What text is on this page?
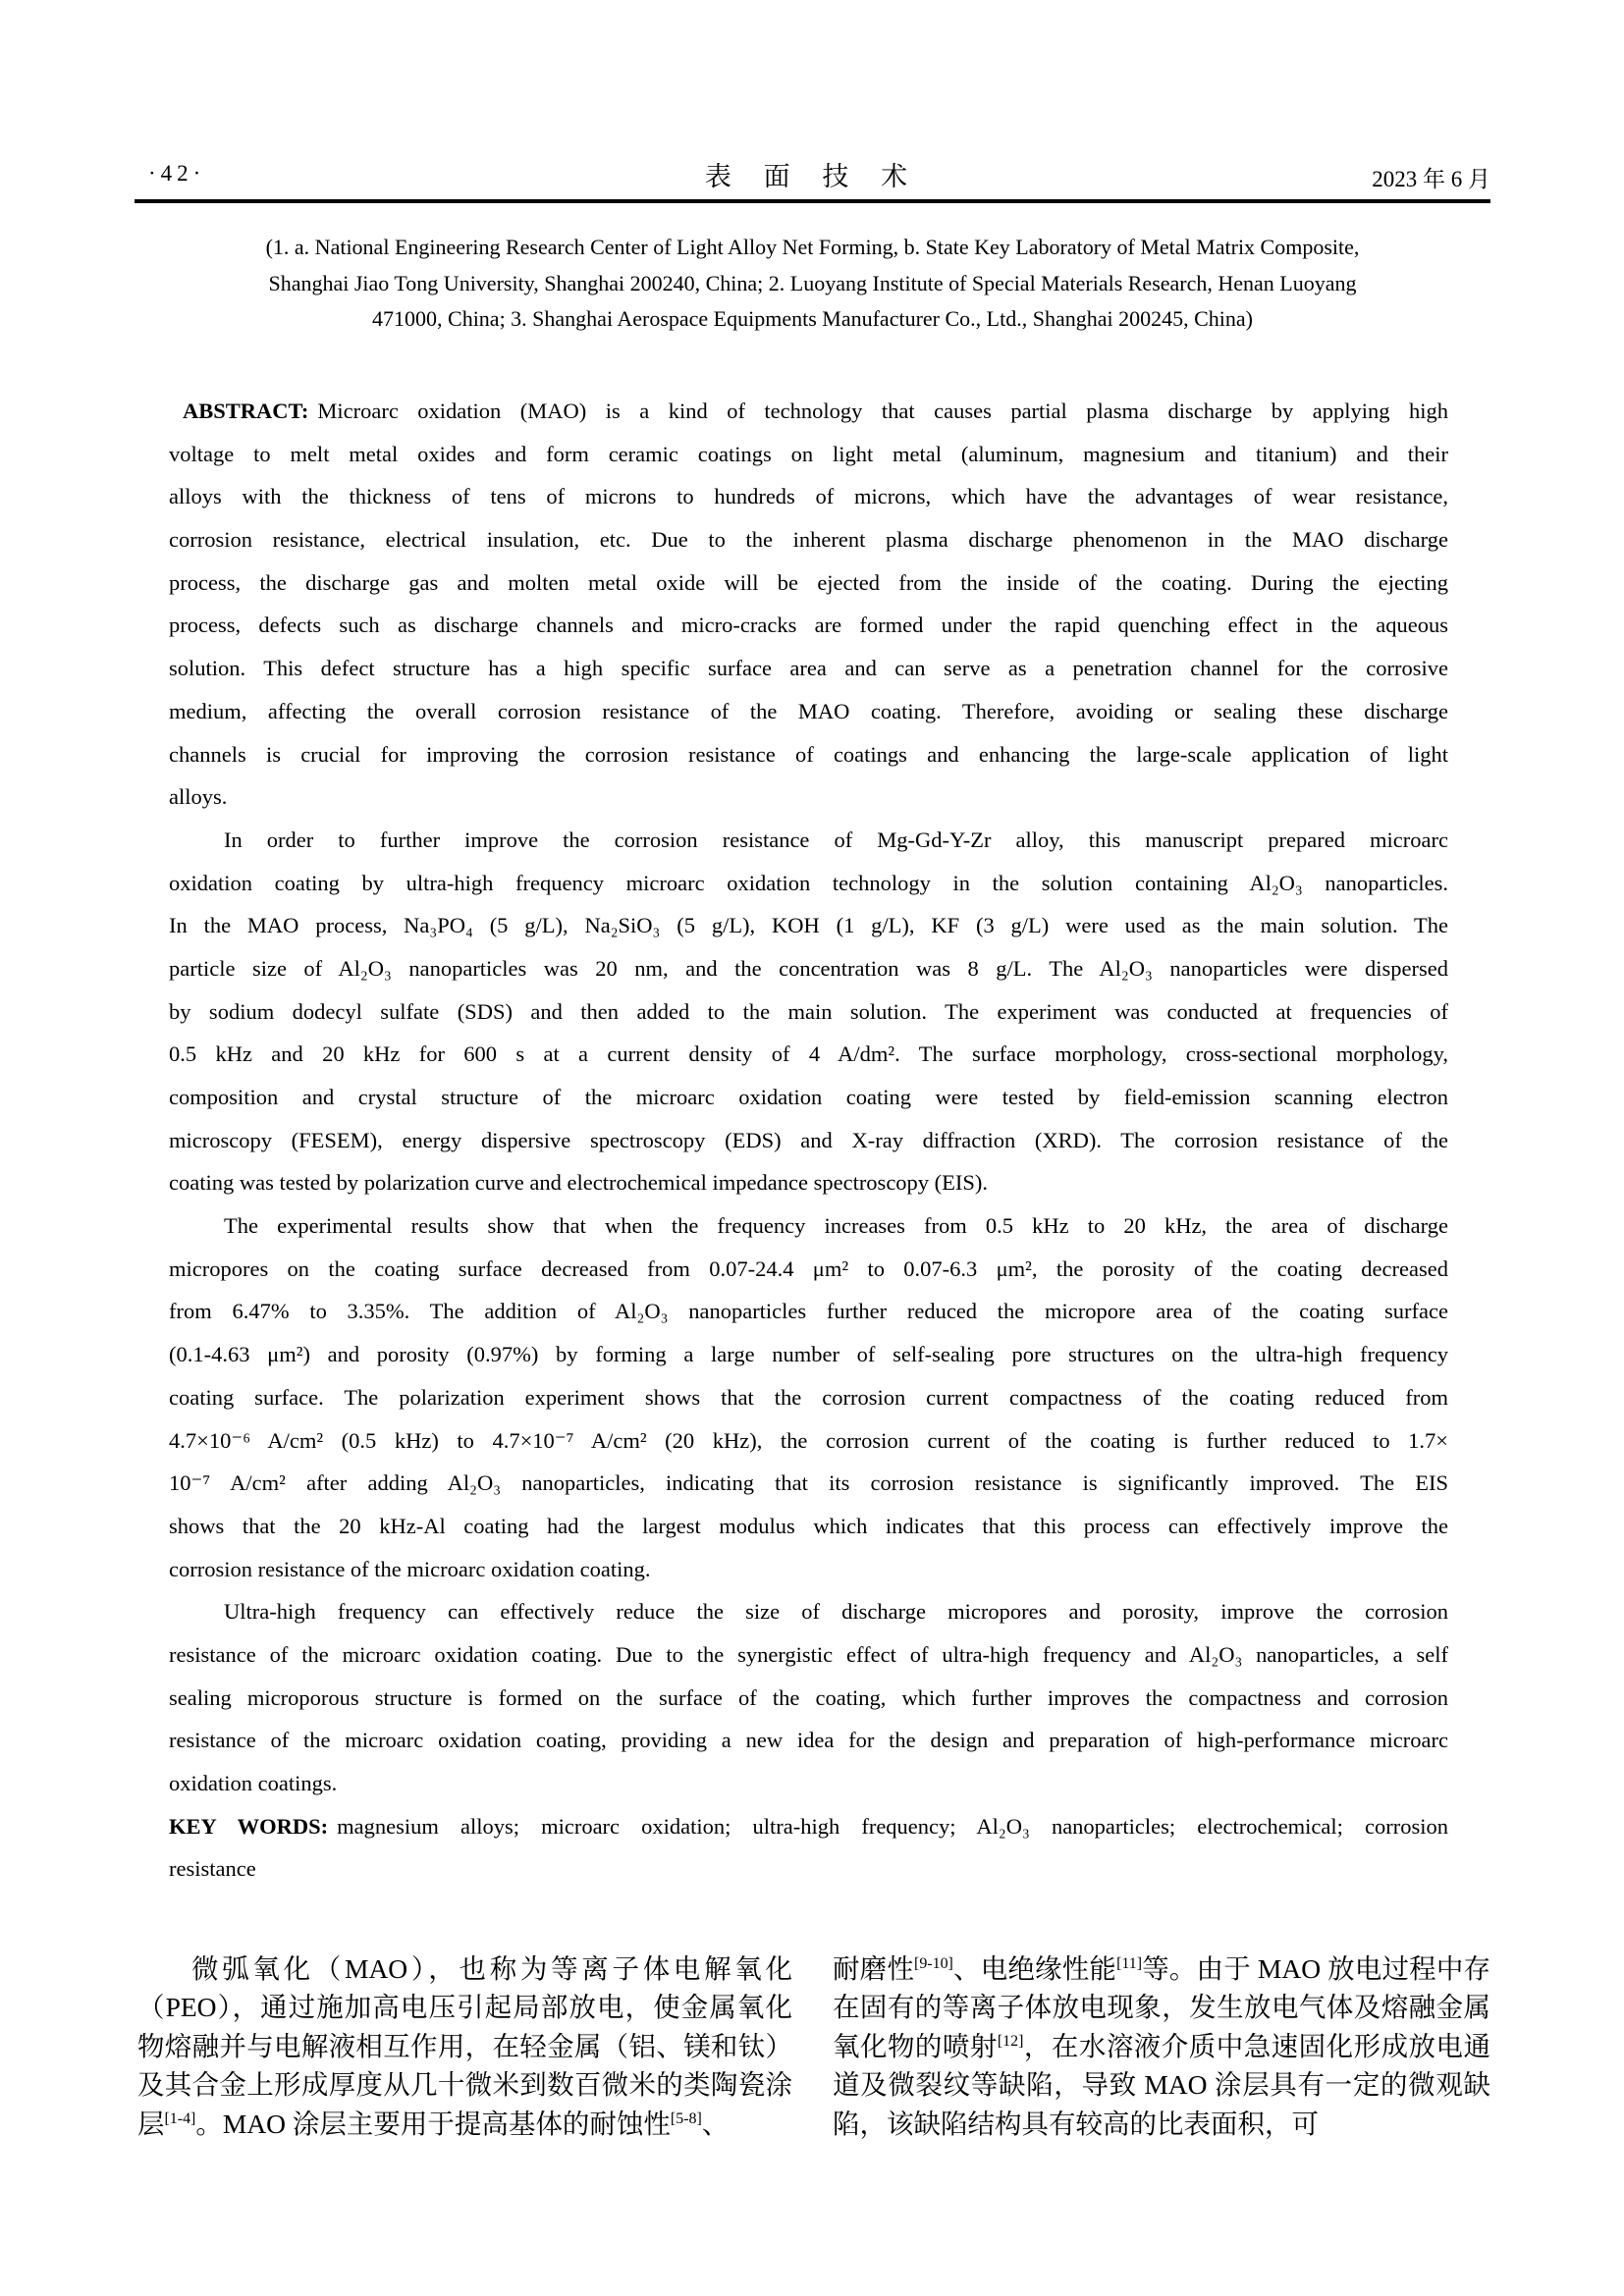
·42·	表 面 技 术	2023 年 6 月
(1. a. National Engineering Research Center of Light Alloy Net Forming, b. State Key Laboratory of Metal Matrix Composite,
Shanghai Jiao Tong University, Shanghai 200240, China; 2. Luoyang Institute of Special Materials Research, Henan Luoyang
471000, China; 3. Shanghai Aerospace Equipments Manufacturer Co., Ltd., Shanghai 200245, China)
ABSTRACT: Microarc oxidation (MAO) is a kind of technology that causes partial plasma discharge by applying high
voltage to melt metal oxides and form ceramic coatings on light metal (aluminum, magnesium and titanium) and their
alloys with the thickness of tens of microns to hundreds of microns, which have the advantages of wear resistance,
corrosion resistance, electrical insulation, etc. Due to the inherent plasma discharge phenomenon in the MAO discharge
process, the discharge gas and molten metal oxide will be ejected from the inside of the coating. During the ejecting
process, defects such as discharge channels and micro-cracks are formed under the rapid quenching effect in the aqueous
solution. This defect structure has a high specific surface area and can serve as a penetration channel for the corrosive
medium, affecting the overall corrosion resistance of the MAO coating. Therefore, avoiding or sealing these discharge
channels is crucial for improving the corrosion resistance of coatings and enhancing the large-scale application of light
alloys.
In order to further improve the corrosion resistance of Mg-Gd-Y-Zr alloy, this manuscript prepared microarc
oxidation coating by ultra-high frequency microarc oxidation technology in the solution containing Al₂O₃ nanoparticles.
In the MAO process, Na₃PO₄ (5 g/L), Na₂SiO₃ (5 g/L), KOH (1 g/L), KF (3 g/L) were used as the main solution. The
particle size of Al₂O₃ nanoparticles was 20 nm, and the concentration was 8 g/L. The Al₂O₃ nanoparticles were dispersed
by sodium dodecyl sulfate (SDS) and then added to the main solution. The experiment was conducted at frequencies of
0.5 kHz and 20 kHz for 600 s at a current density of 4 A/dm². The surface morphology, cross-sectional morphology,
composition and crystal structure of the microarc oxidation coating were tested by field-emission scanning electron
microscopy (FESEM), energy dispersive spectroscopy (EDS) and X-ray diffraction (XRD). The corrosion resistance of the
coating was tested by polarization curve and electrochemical impedance spectroscopy (EIS).
The experimental results show that when the frequency increases from 0.5 kHz to 20 kHz, the area of discharge
micropores on the coating surface decreased from 0.07-24.4 μm² to 0.07-6.3 μm², the porosity of the coating decreased
from 6.47% to 3.35%. The addition of Al₂O₃ nanoparticles further reduced the micropore area of the coating surface
(0.1-4.63 μm²) and porosity (0.97%) by forming a large number of self-sealing pore structures on the ultra-high frequency
coating surface. The polarization experiment shows that the corrosion current compactness of the coating reduced from
4.7×10⁻⁶ A/cm² (0.5 kHz) to 4.7×10⁻⁷ A/cm² (20 kHz), the corrosion current of the coating is further reduced to 1.7×
10⁻⁷ A/cm² after adding Al₂O₃ nanoparticles, indicating that its corrosion resistance is significantly improved. The EIS
shows that the 20 kHz-Al coating had the largest modulus which indicates that this process can effectively improve the
corrosion resistance of the microarc oxidation coating.
Ultra-high frequency can effectively reduce the size of discharge micropores and porosity, improve the corrosion
resistance of the microarc oxidation coating. Due to the synergistic effect of ultra-high frequency and Al₂O₃ nanoparticles, a self
sealing microporous structure is formed on the surface of the coating, which further improves the compactness and corrosion
resistance of the microarc oxidation coating, providing a new idea for the design and preparation of high-performance microarc
oxidation coatings.
KEY WORDS: magnesium alloys; microarc oxidation; ultra-high frequency; Al₂O₃ nanoparticles; electrochemical; corrosion
resistance

微弧氧化（MAO），也称为等离子体电解氧化（PEO），通过施加高电压引起局部放电，使金属氧化物熔融并与电解液相互作用，在轻金属（铝、镁和钛）及其合金上形成厚度从几十微米到数百微米的类陶瓷涂层[1-4]。MAO 涂层主要用于提高基体的耐蚀性[5-8]、

耐磨性[9-10]、电绝缘性能[11]等。由于 MAO 放电过程中存在固有的等离子体放电现象，发生放电气体及熔融金属氧化物的喷射[12]，在水溶液介质中急速固化形成放电通道及微裂纹等缺陷，导致 MAO 涂层具有一定的微观缺陷，该缺陷结构具有较高的比表面积，可
